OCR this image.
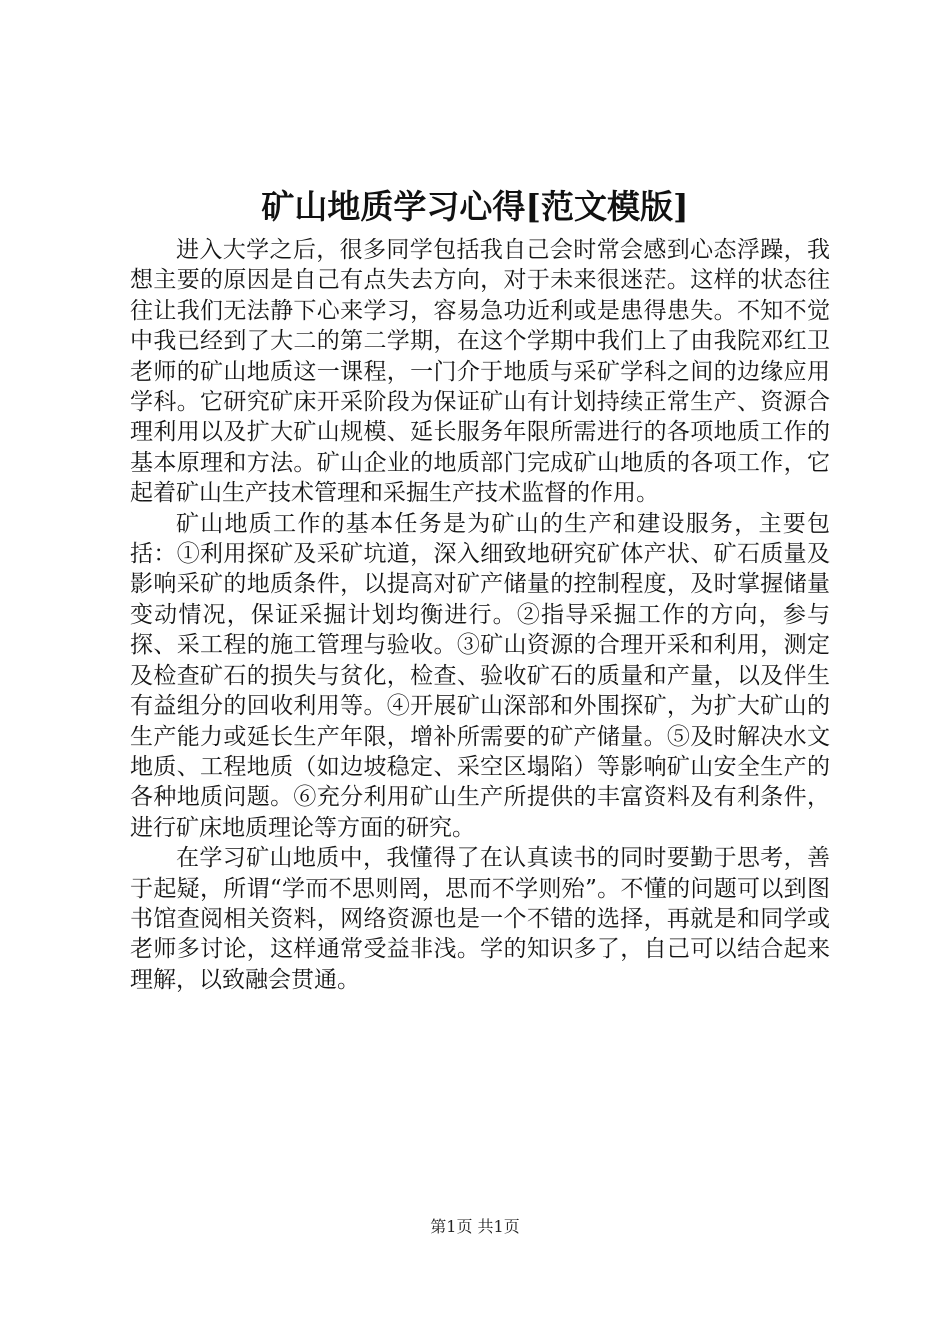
矿山地质学习心得[范文模版]

进入大学之后，很多同学包括我自己会时常会感到心态浮躁，我想主要的原因是自己有点失去方向，对于未来很迷茫。这样的状态往往让我们无法静下心来学习，容易急功近利或是患得患失。不知不觉中我已经到了大二的第二学期，在这个学期中我们上了由我院邓红卫老师的矿山地质这一课程，一门介于地质与采矿学科之间的边缘应用学科。它研究矿床开采阶段为保证矿山有计划持续正常生产、资源合理利用以及扩大矿山规模、延长服务年限所需进行的各项地质工作的基本原理和方法。矿山企业的地质部门完成矿山地质的各项工作，它起着矿山生产技术管理和采掘生产技术监督的作用。

矿山地质工作的基本任务是为矿山的生产和建设服务，主要包括：①利用探矿及采矿坑道，深入细致地研究矿体产状、矿石质量及影响采矿的地质条件，以提高对矿产储量的控制程度，及时掌握储量变动情况，保证采掘计划均衡进行。②指导采掘工作的方向，参与探、采工程的施工管理与验收。③矿山资源的合理开采和利用，测定及检查矿石的损失与贫化，检查、验收矿石的质量和产量，以及伴生有益组分的回收利用等。④开展矿山深部和外围探矿，为扩大矿山的生产能力或延长生产年限，增补所需要的矿产储量。⑤及时解决水文地质、工程地质（如边坡稳定、采空区塌陷）等影响矿山安全生产的各种地质问题。⑥充分利用矿山生产所提供的丰富资料及有利条件，进行矿床地质理论等方面的研究。

在学习矿山地质中，我懂得了在认真读书的同时要勤于思考，善于起疑，所谓“学而不思则罔，思而不学则殆”。不懂的问题可以到图书馆查阅相关资料，网络资源也是一个不错的选择，再就是和同学或老师多讨论，这样通常受益非浅。学的知识多了，自己可以结合起来理解，以致融会贯通。

第1页 共1页
